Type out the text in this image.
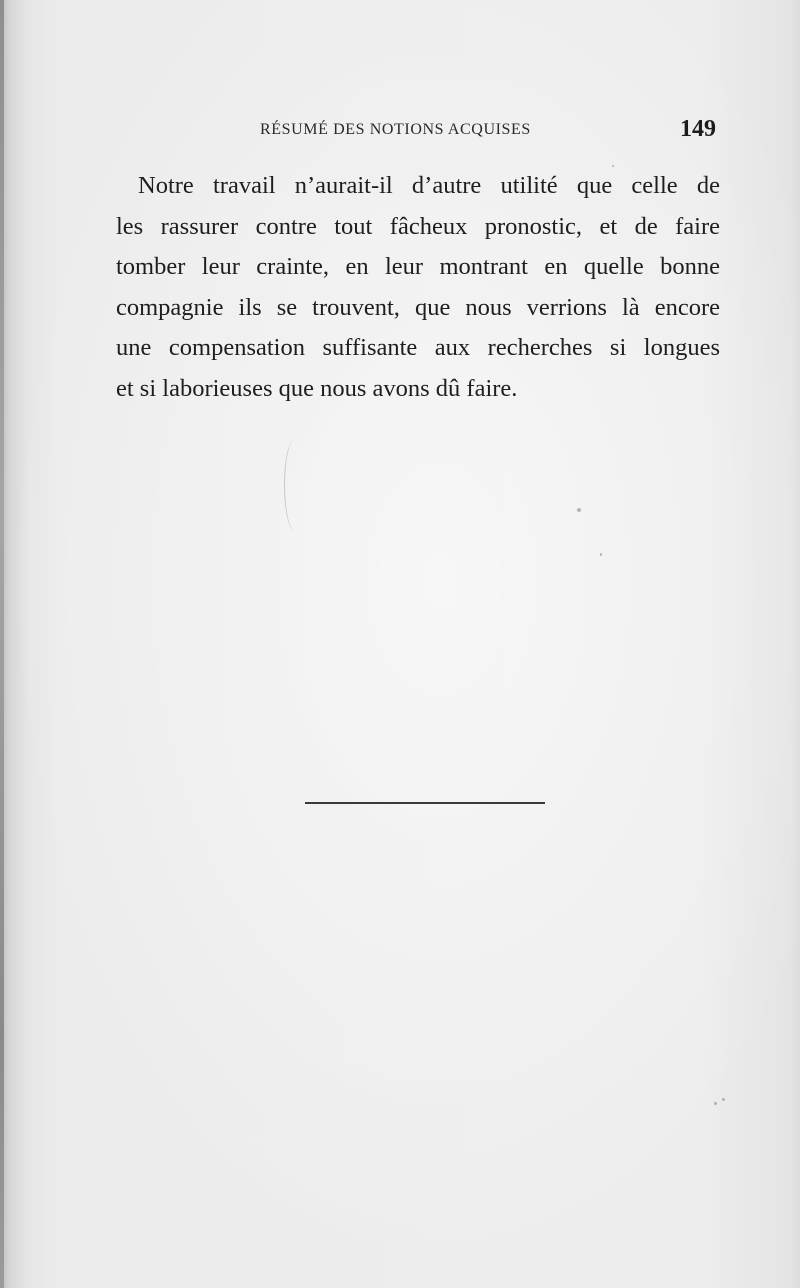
RÉSUMÉ DES NOTIONS ACQUISES	149
Notre travail n’aurait-il d’autre utilité que celle de
les rassurer contre tout fâcheux pronostic, et de faire
tomber leur crainte, en leur montrant en quelle bonne
compagnie ils se trouvent, que nous verrions là encore
une compensation suffisante aux recherches si longues
et si laborieuses que nous avons dû faire.
